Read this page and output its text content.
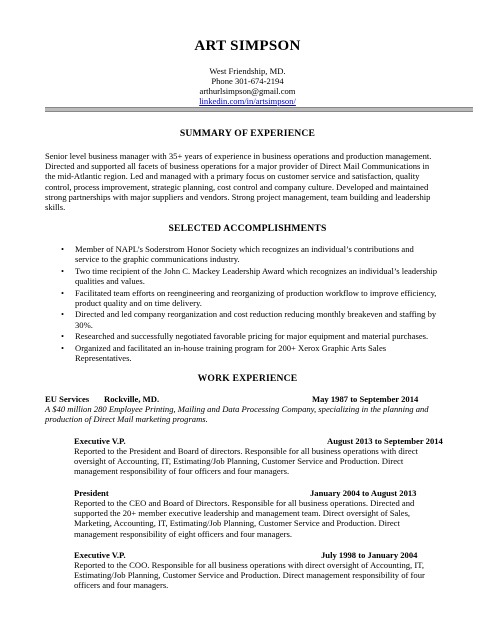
ART SIMPSON
West Friendship, MD.
Phone 301-674-2194
arthurlsimpson@gmail.com
linkedin.com/in/artsimpson/
SUMMARY OF EXPERIENCE
Senior level business manager with 35+ years of experience in business operations and production management.
Directed and supported all facets of business operations for a major provider of Direct Mail Communications in
the mid-Atlantic region. Led and managed with a primary focus on customer service and satisfaction, quality
control, process improvement, strategic planning, cost control and company culture. Developed and maintained
strong partnerships with major suppliers and vendors. Strong project management, team building and leadership
skills.
SELECTED ACCOMPLISHMENTS
• Member of NAPL’s Soderstrom Honor Society which recognizes an individual’s contributions and
service to the graphic communications industry.
• Two time recipient of the John C. Mackey Leadership Award which recognizes an individual’s leadership
qualities and values.
• Facilitated team efforts on reengineering and reorganizing of production workflow to improve efficiency,
product quality and on time delivery.
• Directed and led company reorganization and cost reduction reducing monthly breakeven and staffing by
30%.
• Researched and successfully negotiated favorable pricing for major equipment and material purchases.
• Organized and facilitated an in-house training program for 200+ Xerox Graphic Arts Sales
Representatives.
WORK EXPERIENCE
EU Services Rockville, MD.	May 1987 to September 2014
A $40 million 280 Employee Printing, Mailing and Data Processing Company, specializing in the planning and
production of Direct Mail marketing programs.
Executive V.P.	August 2013 to September 2014
Reported to the President and Board of directors. Responsible for all business operations with direct
oversight of Accounting, IT, Estimating/Job Planning, Customer Service and Production. Direct
management responsibility of four officers and four managers.
President	January 2004 to August 2013
Reported to the CEO and Board of Directors. Responsible for all business operations. Directed and
supported the 20+ member executive leadership and management team. Direct oversight of Sales,
Marketing, Accounting, IT, Estimating/Job Planning, Customer Service and Production. Direct
management responsibility of eight officers and four managers.
Executive V.P.	July 1998 to January 2004
Reported to the COO. Responsible for all business operations with direct oversight of Accounting, IT,
Estimating/Job Planning, Customer Service and Production. Direct management responsibility of four
officers and four managers.
